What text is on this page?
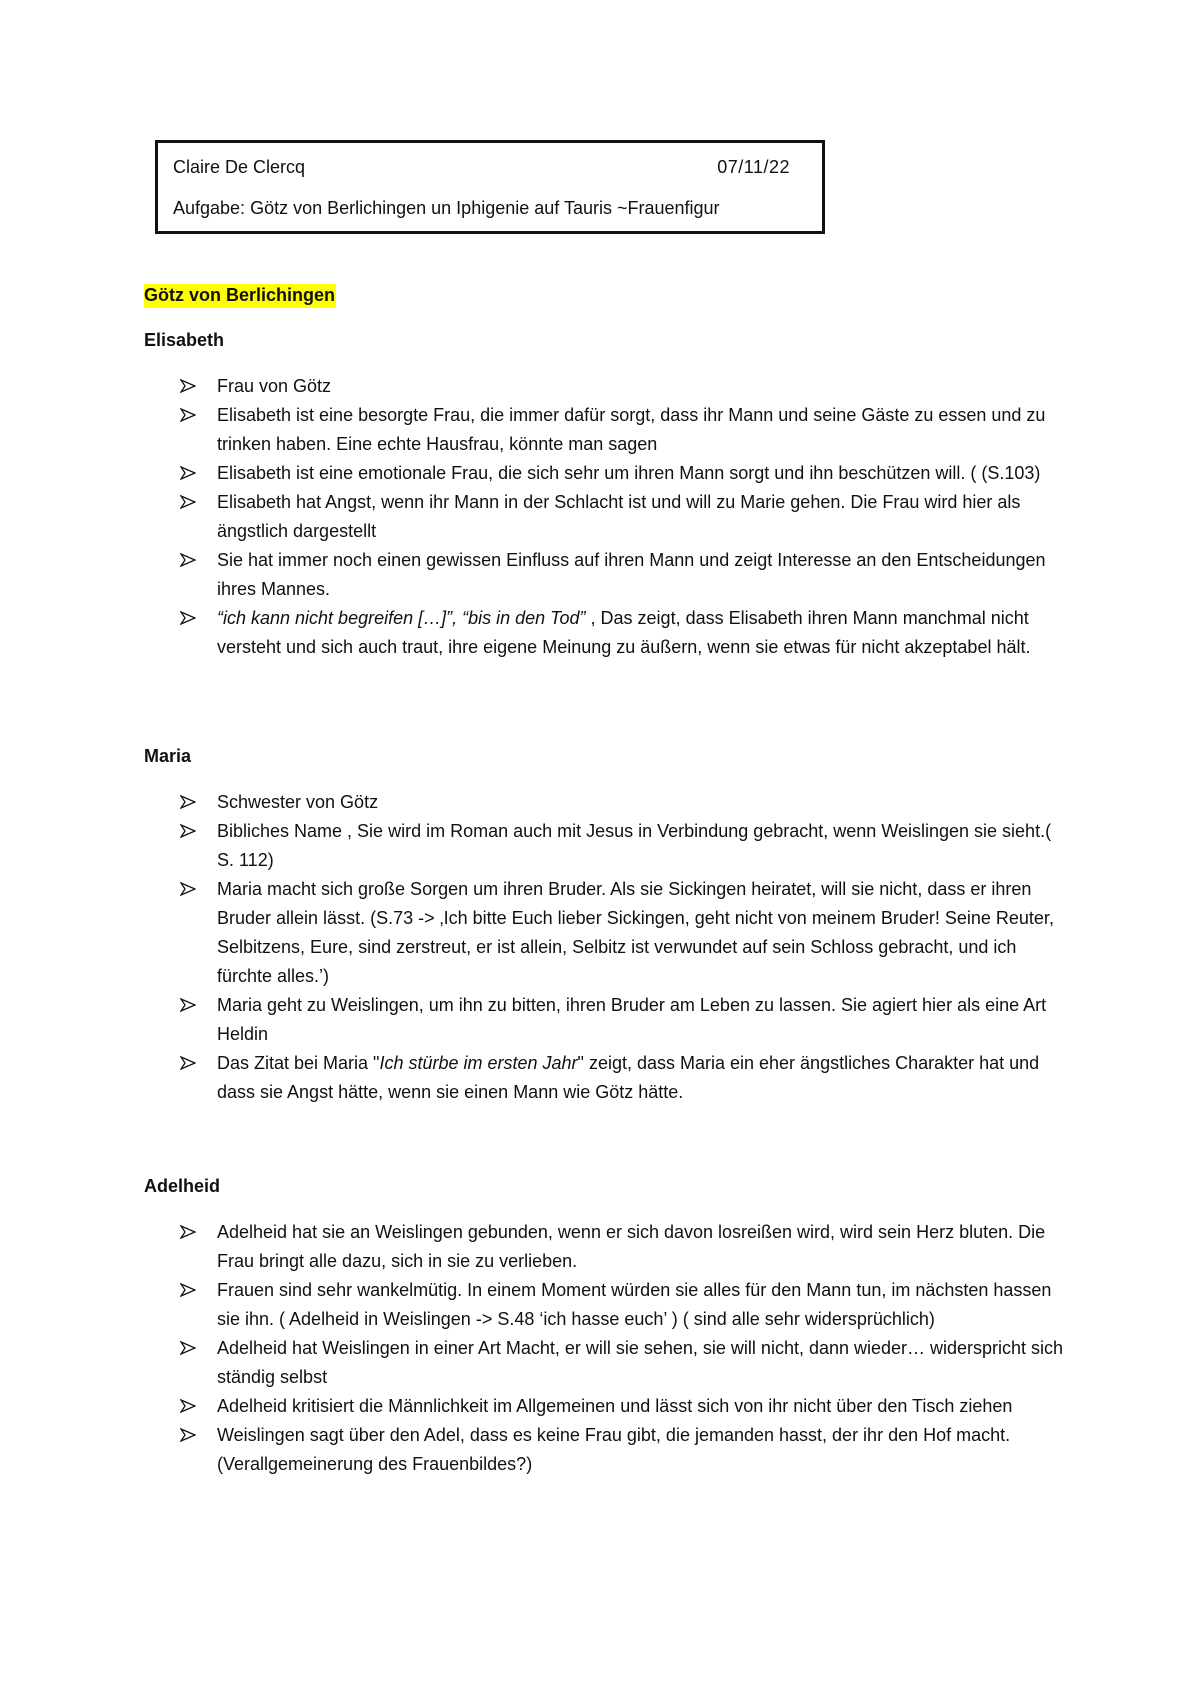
Claire De Clercq	07/11/22
Aufgabe: Götz von Berlichingen un Iphigenie auf Tauris ~Frauenfigur
Götz von Berlichingen
Elisabeth
Frau von Götz
Elisabeth ist eine besorgte Frau, die immer dafür sorgt, dass ihr Mann und seine Gäste zu essen und zu trinken haben. Eine echte Hausfrau, könnte man sagen
Elisabeth ist eine emotionale Frau, die sich sehr um ihren Mann sorgt und ihn beschützen will. ( (S.103)
Elisabeth hat Angst, wenn ihr Mann in der Schlacht ist und will zu Marie gehen. Die Frau wird hier als ängstlich dargestellt
Sie hat immer noch einen gewissen Einfluss auf ihren Mann und zeigt Interesse an den Entscheidungen ihres Mannes.
“ich kann nicht begreifen […]”, “bis in den Tod” , Das zeigt, dass Elisabeth ihren Mann manchmal nicht versteht und sich auch traut, ihre eigene Meinung zu äußern, wenn sie etwas für nicht akzeptabel hält.
Maria
Schwester von Götz
Bibliches Name , Sie wird im Roman auch mit Jesus in Verbindung gebracht, wenn Weislingen sie sieht.( S. 112)
Maria macht sich große Sorgen um ihren Bruder. Als sie Sickingen heiratet, will sie nicht, dass er ihren Bruder allein lässt. (S.73 -> ‚Ich bitte Euch lieber Sickingen, geht nicht von meinem Bruder! Seine Reuter, Selbitzens, Eure, sind zerstreut, er ist allein, Selbitz ist verwundet auf sein Schloss gebracht, und ich fürchte alles.’)
Maria geht zu Weislingen, um ihn zu bitten, ihren Bruder am Leben zu lassen. Sie agiert hier als eine Art Heldin
Das Zitat bei Maria "Ich stürbe im ersten Jahr" zeigt, dass Maria ein eher ängstliches Charakter hat und dass sie Angst hätte, wenn sie einen Mann wie Götz hätte.
Adelheid
Adelheid hat sie an Weislingen gebunden, wenn er sich davon losreißen wird, wird sein Herz bluten. Die Frau bringt alle dazu, sich in sie zu verlieben.
Frauen sind sehr wankelmütig. In einem Moment würden sie alles für den Mann tun, im nächsten hassen sie ihn. ( Adelheid in Weislingen -> S.48 ‘ich hasse euch’ ) ( sind alle sehr widersprüchlich)
Adelheid hat Weislingen in einer Art Macht, er will sie sehen, sie will nicht, dann wieder… widerspricht sich ständig selbst
Adelheid kritisiert die Männlichkeit im Allgemeinen und lässt sich von ihr nicht über den Tisch ziehen
Weislingen sagt über den Adel, dass es keine Frau gibt, die jemanden hasst, der ihr den Hof macht. (Verallgemeinerung des Frauenbildes?)
